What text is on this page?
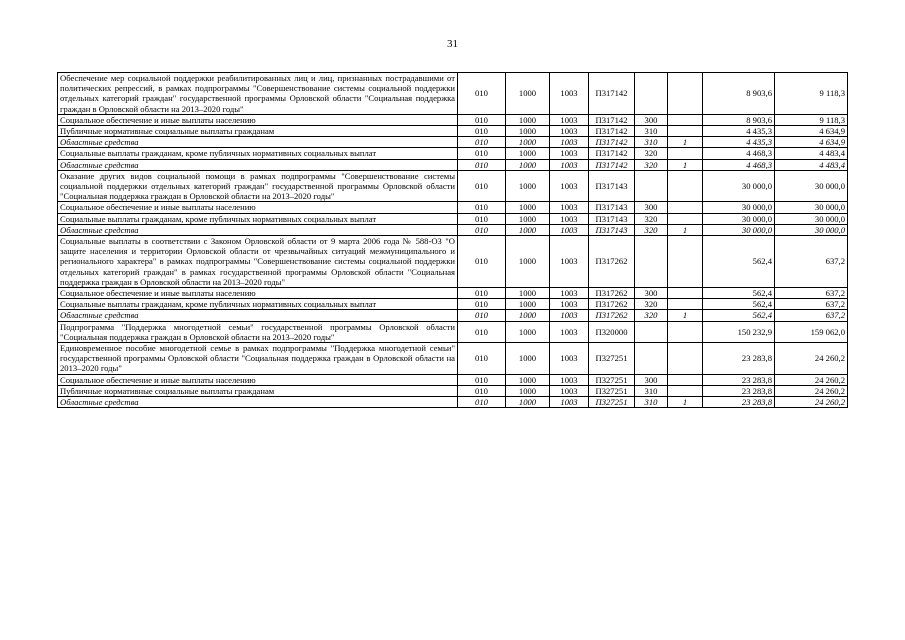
31
Обеспечение мер социальной поддержки реабилитированных лиц и лиц, признанных пострадавшими от политических репрессий, в рамках подпрограммы "Совершенствование системы социальной поддержки отдельных категорий граждан" государственной программы Орловской области "Социальная поддержка граждан в Орловской области на 2013–2020 годы"	010	1000	1003	П317142			8 903,6	9 118,3
Социальное обеспечение и иные выплаты населению	010	1000	1003	П317142	300		8 903,6	9 118,3
Публичные нормативные социальные выплаты гражданам	010	1000	1003	П317142	310		4 435,3	4 634,9
Областные средства	010	1000	1003	П317142	310	1	4 435,3	4 634,9
Социальные выплаты гражданам, кроме публичных нормативных социальных выплат	010	1000	1003	П317142	320		4 468,3	4 483,4
Областные средства	010	1000	1003	П317142	320	1	4 468,3	4 483,4
Оказание других видов социальной помощи в рамках подпрограммы "Совершенствование системы социальной поддержки отдельных категорий граждан" государственной программы Орловской области "Социальная поддержка граждан в Орловской области на 2013–2020 годы"	010	1000	1003	П317143			30 000,0	30 000,0
Социальное обеспечение и иные выплаты населению	010	1000	1003	П317143	300		30 000,0	30 000,0
Социальные выплаты гражданам, кроме публичных нормативных социальных выплат	010	1000	1003	П317143	320		30 000,0	30 000,0
Областные средства	010	1000	1003	П317143	320	1	30 000,0	30 000,0
Социальные выплаты в соответствии с Законом Орловской области от 9 марта 2006 года № 588-ОЗ "О защите населения и территории Орловской области от чрезвычайных ситуаций межмуниципального и регионального характера" в рамках подпрограммы "Совершенствование системы социальной поддержки отдельных категорий граждан" в рамках государственной программы Орловской области "Социальная поддержка граждан в Орловской области на 2013–2020 годы"	010	1000	1003	П317262			562,4	637,2
Социальное обеспечение и иные выплаты населению	010	1000	1003	П317262	300		562,4	637,2
Социальные выплаты гражданам, кроме публичных нормативных социальных выплат	010	1000	1003	П317262	320		562,4	637,2
Областные средства	010	1000	1003	П317262	320	1	562,4	637,2
Подпрограмма "Поддержка многодетной семьи" государственной программы Орловской области "Социальная поддержка граждан в Орловской области на 2013–2020 годы"	010	1000	1003	П320000			150 232,9	159 062,0
Единовременное пособие многодетной семье в рамках подпрограммы "Поддержка многодетной семьи" государственной программы Орловской области "Социальная поддержка граждан в Орловской области на 2013–2020 годы"	010	1000	1003	П327251			23 283,8	24 260,2
Социальное обеспечение и иные выплаты населению	010	1000	1003	П327251	300		23 283,8	24 260,2
Публичные нормативные социальные выплаты гражданам	010	1000	1003	П327251	310		23 283,8	24 260,2
Областные средства	010	1000	1003	П327251	310	1	23 283,8	24 260,2
